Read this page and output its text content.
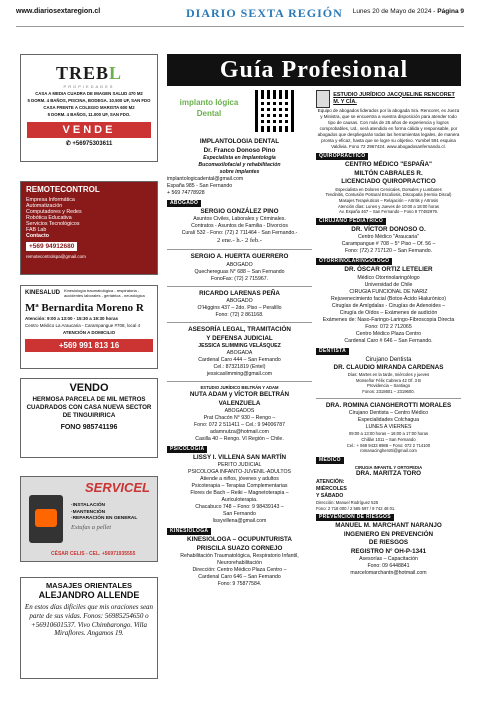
www.diariosextaregion.cl	DIARIO SEXTA REGIÓN Lunes 20 de Mayo de 2024 - Página 9
TREBL
PROPIEDADES
CASA A MEDIA CUADRA DE IMAGEN SALUD 470 M2
5 DORM. 4 BAÑOS, PISCINA, BODEGA. 10.500 UF, SAN FDO
CASA FRENTE A COLEGIO MARISTA 600 M2
5 DORM. 4 BAÑOS, 11.000 UF, SAN FDO.
VENDE
✆ +56975303611
REMOTECONTROL
Empresa Informática
Automatización
Computadores y Redes
Robótica Educativa
Servicios Tecnológicos
FAB Lab
Contacto
+569 94912680
remotecontrolspa@gmail.com
KINESALUD Kinesiología traumatológica - respiratoria - accidentes laborales - geriátrica - neurológica
Mª Bernardita Moreno R
Atención: 9:00 a 13:00 - 15:30 a 19:30 horas
Centro Médico La Araucaria - Carampangue #708, local 4
ATENCIÓN A DOMICILIO
+569 991 813 16
VENDO
HERMOSA PARCELA DE MIL METROS CUADRADOS CON CASA NUEVA SECTOR DE TINGUIRIRICA
FONO 985741196
SERVICEL
·INSTALACIÓN
·MANTENCIÓN
·REPARACIÓN EN GENERAL
Estufas a pellet
CÉSAR CELIS - CEL. +56971935555
MASAJES ORIENTALES
ALEJANDRO ALLENDE
En estos días difíciles que mis oraciones sean parte de sus vidas. Fonos: 56985254650 o +56910601537. Vivo Chimbarongo. Villa Miraflores. Angamos 19.
Guía Profesional
implanto lógica Dental
IMPLANTOLOGIA DENTAL
Dr. Franco Donoso Pino
Especialista en Implantología
Bucomaxilofacial y rehabilitación
sobre implantes
implantologicadental@gmail.com
España 985 - San Fernando
+ 569 74778928
ABOGADO
SERGIO GONZÁLEZ PINO
Asuntos Civiles, Laborales y Criminales.
Contratos - Asuntos de Familia - Divorcios
Curalí 532 - Fono: (72) 2 711464 - San Fernando.-
2 ene.- h.- 2 feb.-
SERGIO A. HUERTA GUERRERO
ABOGADO
Quechereguas N° 688 – San Fernando
FonoFax: (72) 2 715967.
RICARDO LARENAS PEÑA
ABOGADO
O'Higgins 437 – 2do. Piso – Peralillo
Fono: (72) 2 861168.
ASESORÍA LEGAL, TRAMITACIÓN
Y DEFENSA JUDICIAL
JESSICA SLIMMING VELÁSQUEZ
ABOGADA
Cardenal Caro 444 – San Fernando
Cel.: 87321819 (Entel)
jessicaslimming@gmail.com
ESTUDIO JURÍDICO BELTRÁN Y ADAM
NUTA ADAM y VÍCTOR BELTRÁN
VALENZUELA
ABOGADOS
Prat Chacón N° 930 – Rengo –
Fono: 072 2 511411 – Cel.: 9 94006787
adamnutza@hotmail.com
Casilla 40 – Rengo. VI Región – Chile.
PSICOLOGÍA
LISSY I. VILLENA SAN MARTÍN
PERITO JUDICIAL
PSICOLOGA INFANTO-JUVENIL-ADULTOS
Atiende a niños, jóvenes y adultos
Psicoterapia – Terapias Complementarias
Flores de Bach – Reiki – Magnetoterapia –
Auriculoterapia.
Chacabuco 748 – Fono: 9 98439143 –
San Fernando
lissyvillena@gmail.com
KINESIOLOGA
KINESIOLOGA – OCUPUNTURISTA
PRISCILA SUAZO CORNEJO
Rehabilitación Traumatológica, Respiratorio Infantil,
Neurorehabilitación
Dirección: Centro Médico Plaza Centro –
Cardenal Caro 646 – San Fernando
Fono: 9 75877584.
ESTUDIO JURÍDICO JACQUELINE RENCORET M. Y CÍA.
Equipo de abogados liderados por la abogada Sra. Rencoret, ex Jueza y Ministra, que se encuentra a vuestra disposición para atender todo tipo de causas. Con más de 25 años de experiencia y logros comprobables, Ud., será atendido en forma cálida y responsable, por abogados que despliegarán todas las herramientas legales, de manera pronta y eficaz, hasta que se logre su objetivo. Yumbel 591 esquina Valdivia. Fono 72 2967424. www.abogadosanfernando.cl.
QUIROPRÁCTICO
CENTRO MÉDICO "ESPAÑA"
MILTÓN CABRALES R.
LICENCIADO QUIROPRACTICO
Especialista en Dolores Cervicales, Dorsales y Lumbares
Tendinitis, Contusión Postural Escoliosis, Discopatía (Hernia Discal)
Masajes Terapéuticos – Relajación – Artritis y Artrosis
Atención días: Lunes y Jueves de 10:00 a 18:00 horas
Av. España 467 – San Fernando – Fono 9 77482979.
CIRUJANO PEDIÁTRICO
DR. VÍCTOR DONOSO O.
Centro Médico "Araucaria"
Carampangue # 708 – 5° Piso – Of. 56 –
Fono: (72) 2 717120 – San Fernando.
OTORRINOLARINGÓLOGO
DR. ÓSCAR ORTIZ LETELIER
Médico Otorrinolaringólogo
Universidad de Chile
CIRUGIA FUNCIONAL DE NARIZ
Rejuvenecimiento facial (Botox-Ácido Hialurónico)
Cirugías de Amígdalas - Cirugías de Adenoides –
Cirugía de Oídos – Exámenes de audición
Exámenes de: Naso-Faringo-Laringo-Fibroscopia Directa
Fono: 072 2 712065
Centro Médico Plaza Centro
Cardenal Caro # 646 – San Fernando.
DENTISTA
Cirujano Dentista
DR. CLAUDIO MIRANDA CARDENAS
Días: Martes en la tarde, miércoles y jueves
Monseñor Félix Cabrera 42 Of. 3 B
Providencia – Santiago
Fonos: 2318601 – 2319600.
DRA. ROMINA CIANGHEROTTI MORALES
Cirujano Dentista – Centro Médico
Especialidades Colchagua
LUNES A VIERNES
09:00 a 13:00 horas – 16:00 a 17:00 horas
Chillán 1011 – San Fernando
Cel.: + 569 9433 8988 – Fono: 072 2 714100
romanacingherotti@gmail.com
MÉDICO
CIRUGIA INFANTIL Y ORTOPEDIA
DRA. MARITZA TORO
ATENCIÓN:
MIÉRCOLES
Y SÁBADO
Dirección: Manuel Rodríguez 525
Fono: 2 718 000 / 2 585 597 / 9 742 48 01.
PREVENCIÓN DE RIESGOS
MANUEL M. MARCHANT NARANJO
INGENIERO EN PREVENCIÓN
DE RIESGOS
REGISTRO N° OH-P-1341
Asesorías – Capacitación
Fono: 09 6448841
marcelomarchantn@hotmail.com
